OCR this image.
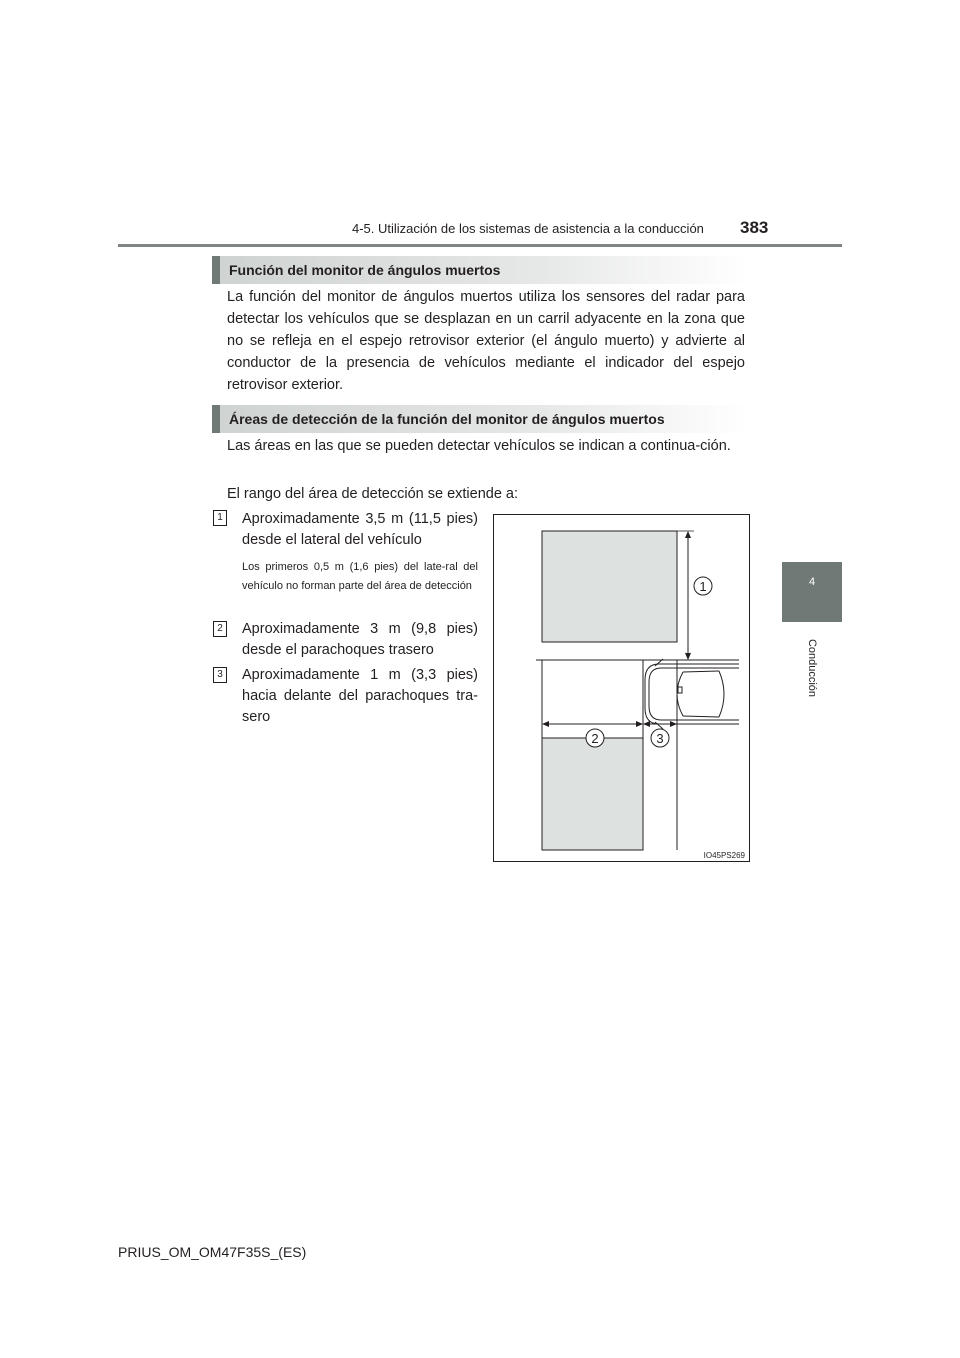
4-5. Utilización de los sistemas de asistencia a la conducción 383
4
Conducción
Función del monitor de ángulos muertos

La función del monitor de ángulos muertos utiliza los sensores del radar para detectar los vehículos que se desplazan en un carril adyacente en la zona que no se refleja en el espejo retrovisor exterior (el ángulo muerto) y advierte al conductor de la presencia de vehículos mediante el indicador del espejo retrovisor exterior.

Áreas de detección de la función del monitor de ángulos muertos

Las áreas en las que se pueden detectar vehículos se indican a continua-ción.

El rango del área de detección se extiende a:

1 Aproximadamente 3,5 m (11,5 pies) desde el lateral del vehículo

Los primeros 0,5 m (1,6 pies) del late-ral del vehículo no forman parte del área de detección

2 Aproximadamente 3 m (9,8 pies) desde el parachoques trasero

3 Aproximadamente 1 m (3,3 pies) hacia delante del parachoques tra-sero

1
2	3
IO45PS269
PRIUS_OM_OM47F35S_(ES)
